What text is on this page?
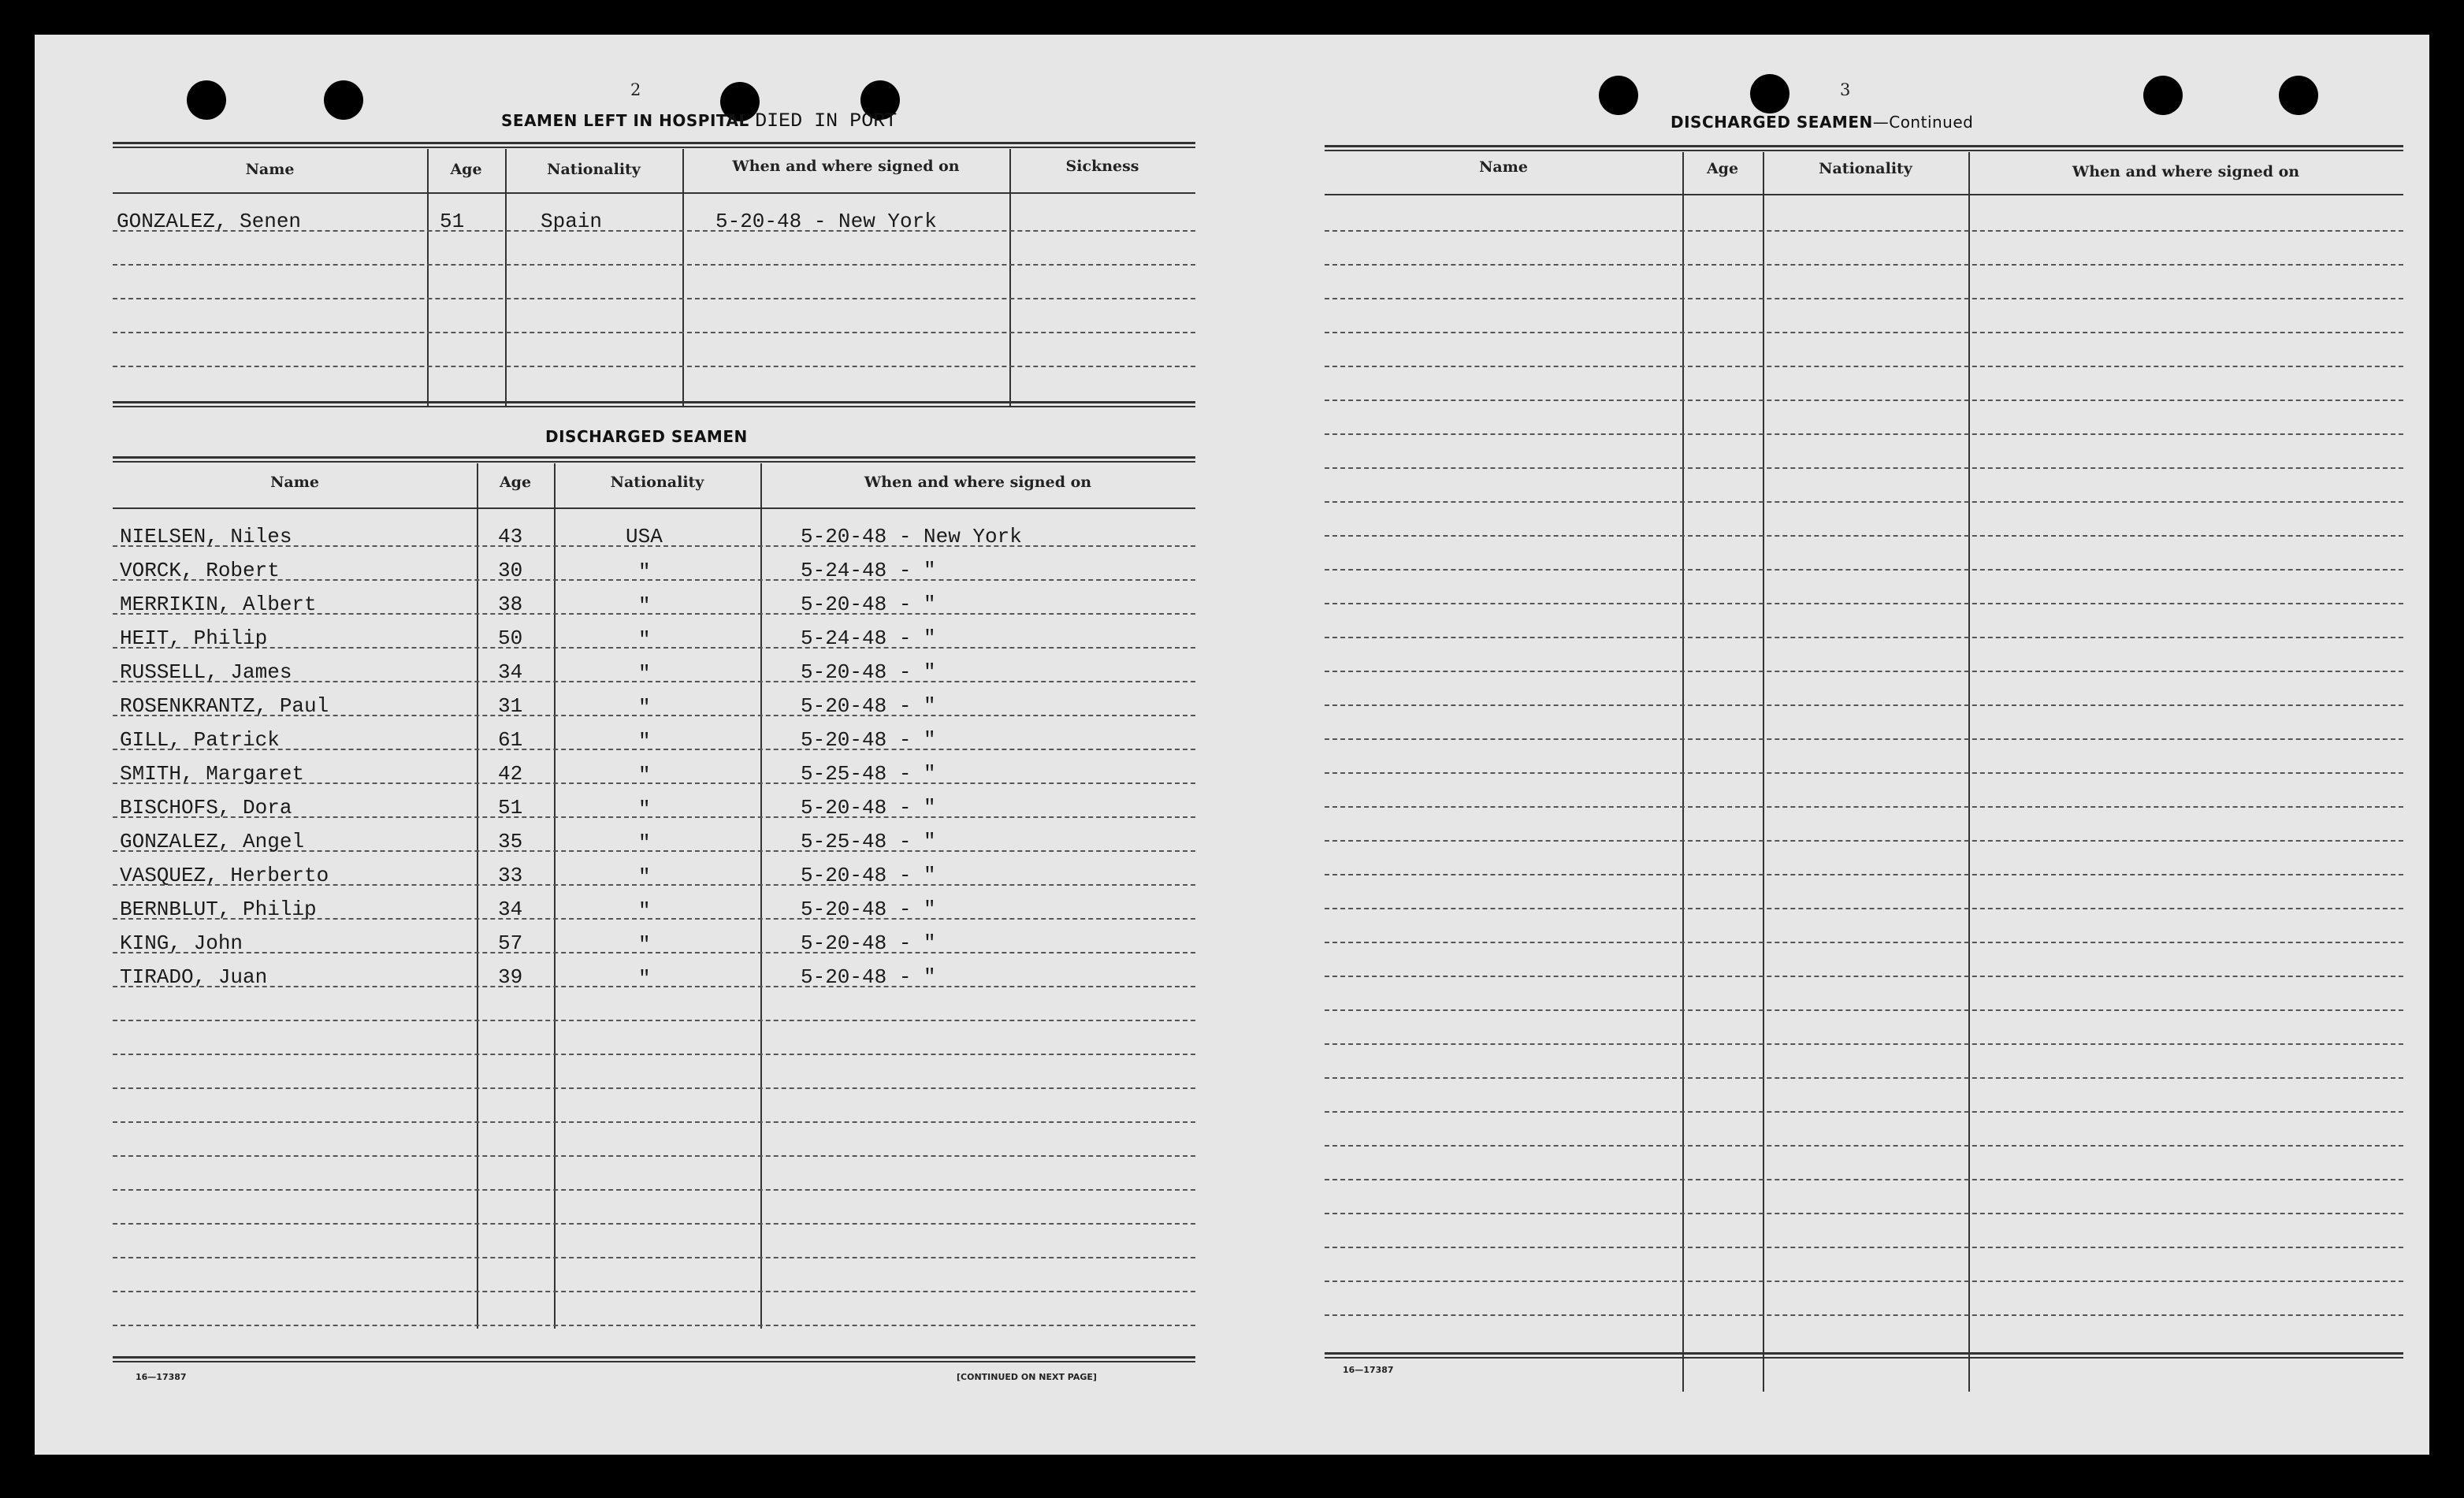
2
SEAMEN LEFT IN HOSPITAL DIED IN PORT
Name	Age	Nationality	When and where signed on	Sickness
GONZALEZ, Senen	51	Spain	5-20-48 - New York
DISCHARGED SEAMEN
Name	Age	Nationality	When and where signed on
NIELSEN, Niles	43	USA	5-20-48 - New York
VORCK, Robert	30	"	5-24-48 - "
MERRIKIN, Albert	38	"	5-20-48 - "
HEIT, Philip	50	"	5-24-48 - "
RUSSELL, James	34	"	5-20-48 - "
ROSENKRANTZ, Paul	31	"	5-20-48 - "
GILL, Patrick	61	"	5-20-48 - "
SMITH, Margaret	42	"	5-25-48 - "
BISCHOFS, Dora	51	"	5-20-48 - "
GONZALEZ, Angel	35	"	5-25-48 - "
VASQUEZ, Herberto	33	"	5-20-48 - "
BERNBLUT, Philip	34	"	5-20-48 - "
KING, John	57	"	5-20-48 - "
TIRADO, Juan	39	"	5-20-48 - "
16—17387	[CONTINUED ON NEXT PAGE]
3
DISCHARGED SEAMEN—Continued
Name	Age	Nationality	When and where signed on
16—17387
